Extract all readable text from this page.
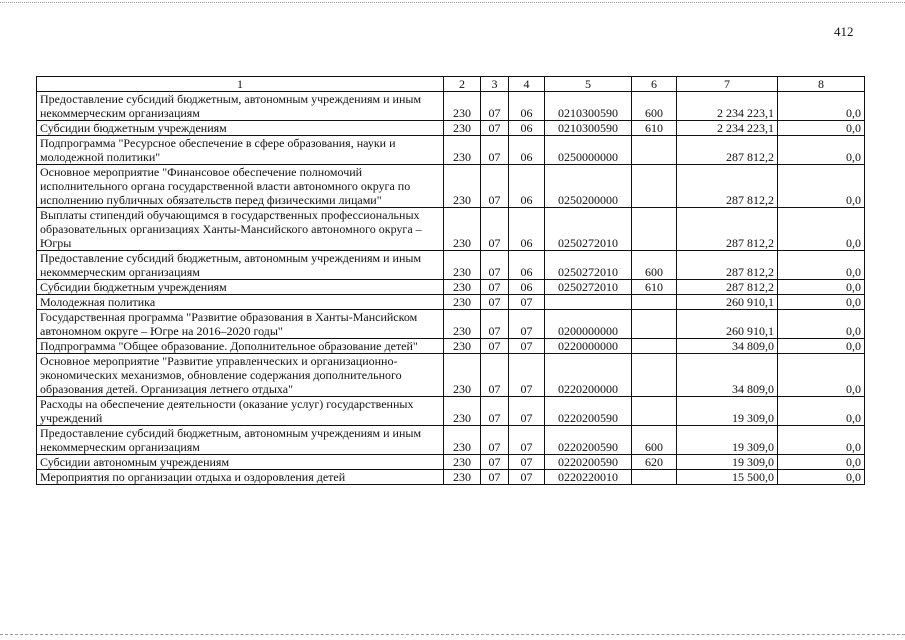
412
1	2	3	4	5	6	7	8
Предоставление субсидий бюджетным, автономным учреждениям и иным некоммерческим организациям	230	07	06	0210300590	600	2 234 223,1	0,0
Субсидии бюджетным учреждениям	230	07	06	0210300590	610	2 234 223,1	0,0
Подпрограмма "Ресурсное обеспечение в сфере образования, науки и молодежной политики"	230	07	06	0250000000		287 812,2	0,0
Основное мероприятие "Финансовое обеспечение полномочий исполнительного органа государственной власти автономного округа по исполнению публичных обязательств перед физическими лицами"	230	07	06	0250200000		287 812,2	0,0
Выплаты стипендий обучающимся в государственных профессиональных образовательных организациях Ханты-Мансийского автономного округа – Югры	230	07	06	0250272010		287 812,2	0,0
Предоставление субсидий бюджетным, автономным учреждениям и иным некоммерческим организациям	230	07	06	0250272010	600	287 812,2	0,0
Субсидии бюджетным учреждениям	230	07	06	0250272010	610	287 812,2	0,0
Молодежная политика	230	07	07			260 910,1	0,0
Государственная программа "Развитие образования в Ханты-Мансийском автономном округе – Югре на 2016–2020 годы"	230	07	07	0200000000		260 910,1	0,0
Подпрограмма "Общее образование. Дополнительное образование детей"	230	07	07	0220000000		34 809,0	0,0
Основное мероприятие "Развитие управленческих и организационно-экономических механизмов, обновление содержания дополнительного образования детей. Организация летнего отдыха"	230	07	07	0220200000		34 809,0	0,0
Расходы на обеспечение деятельности (оказание услуг) государственных учреждений	230	07	07	0220200590		19 309,0	0,0
Предоставление субсидий бюджетным, автономным учреждениям и иным некоммерческим организациям	230	07	07	0220200590	600	19 309,0	0,0
Субсидии автономным учреждениям	230	07	07	0220200590	620	19 309,0	0,0
Мероприятия по организации отдыха и оздоровления детей	230	07	07	0220220010		15 500,0	0,0
